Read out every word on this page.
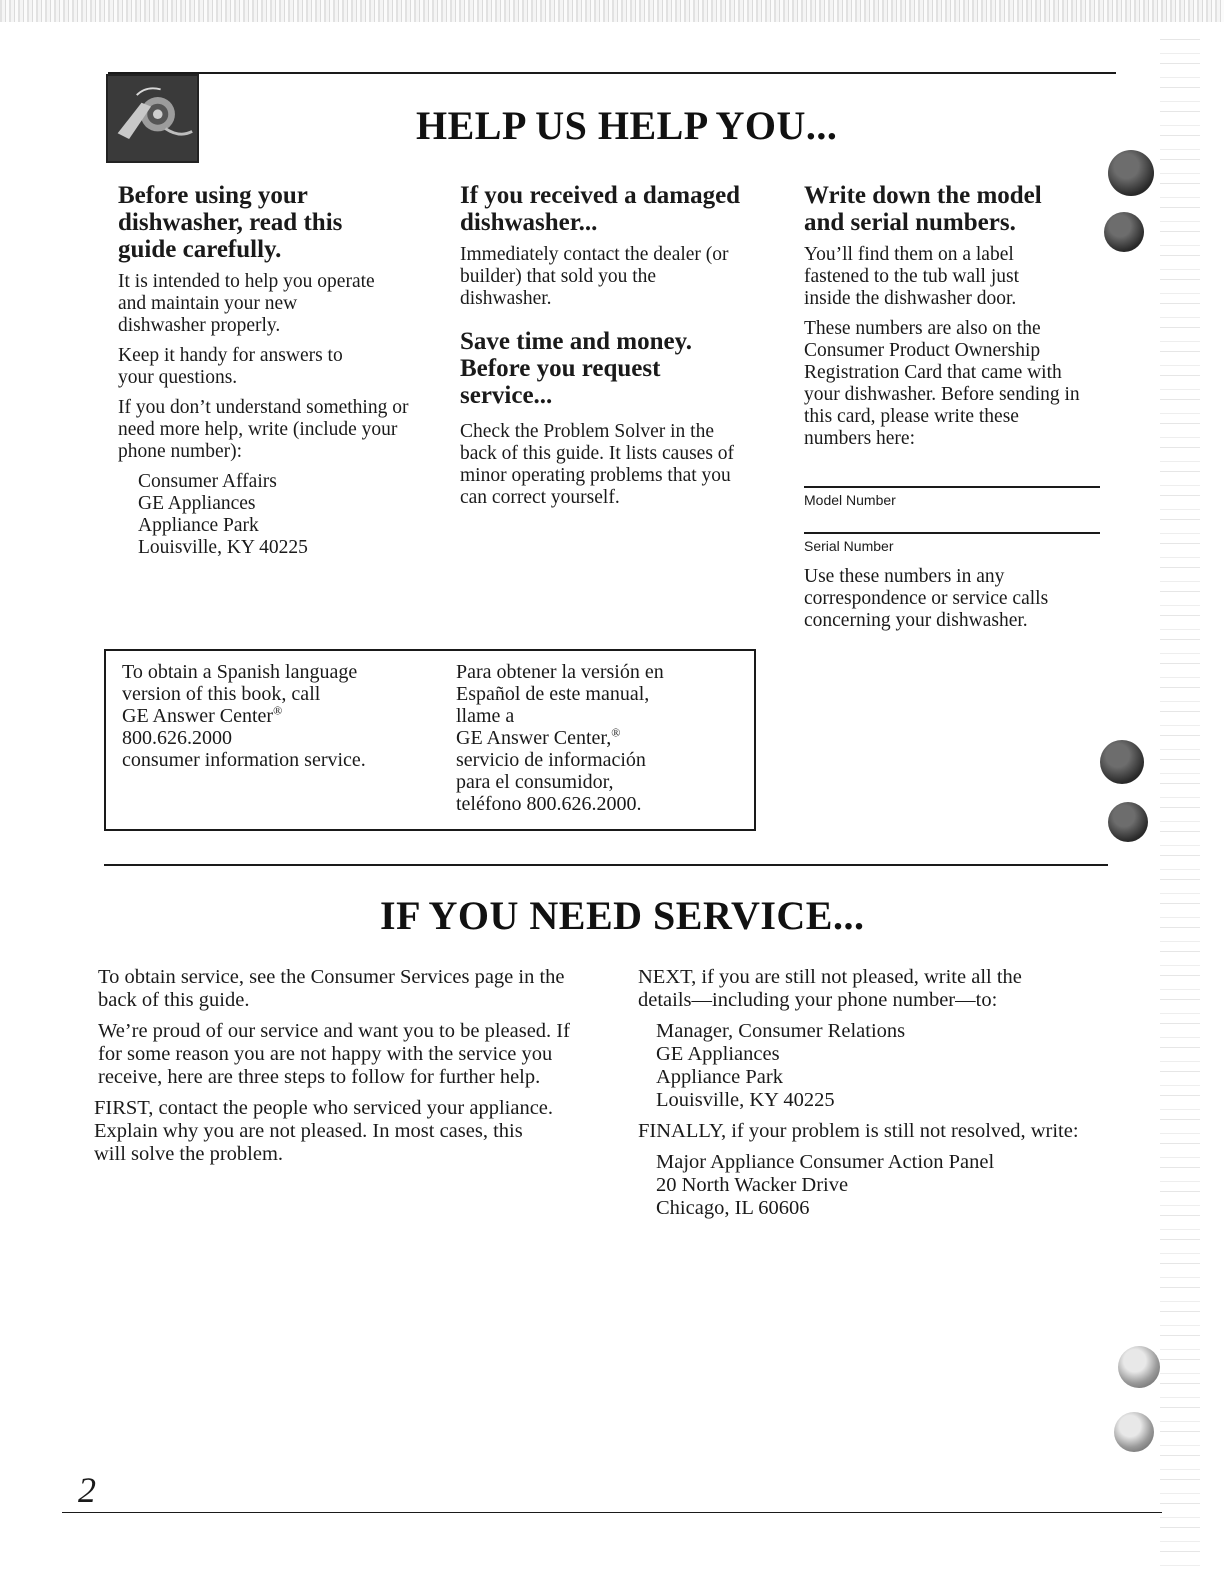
HELP US HELP YOU...
Before using your dishwasher, read this guide carefully.

It is intended to help you operate and maintain your new dishwasher properly.

Keep it handy for answers to your questions.

If you don’t understand something or need more help, write (include your phone number):

Consumer Affairs
GE Appliances
Appliance Park
Louisville, KY 40225
If you received a damaged dishwasher...

Immediately contact the dealer (or builder) that sold you the dishwasher.

Save time and money. Before you request service...

Check the Problem Solver in the back of this guide. It lists causes of minor operating problems that you can correct yourself.

Write down the model and serial numbers.

You’ll find them on a label fastened to the tub wall just inside the dishwasher door.

These numbers are also on the Consumer Product Ownership Registration Card that came with your dishwasher. Before sending in this card, please write these numbers here:

Model Number
Serial Number

Use these numbers in any correspondence or service calls concerning your dishwasher.

To obtain a Spanish language
version of this book, call
GE Answer Center®
800.626.2000
consumer information service.
Para obtener la versión en
Español de este manual,
llame a
GE Answer Center,®
servicio de información
para el consumidor,
teléfono 800.626.2000.
IF YOU NEED SERVICE...

To obtain service, see the Consumer Services page in the back of this guide.

We’re proud of our service and want you to be pleased. If for some reason you are not happy with the service you receive, here are three steps to follow for further help.

FIRST, contact the people who serviced your appliance. Explain why you are not pleased. In most cases, this will solve the problem.

NEXT, if you are still not pleased, write all the details—including your phone number—to:

Manager, Consumer Relations
GE Appliances
Appliance Park
Louisville, KY 40225

FINALLY, if your problem is still not resolved, write:

Major Appliance Consumer Action Panel
20 North Wacker Drive
Chicago, IL 60606
2
